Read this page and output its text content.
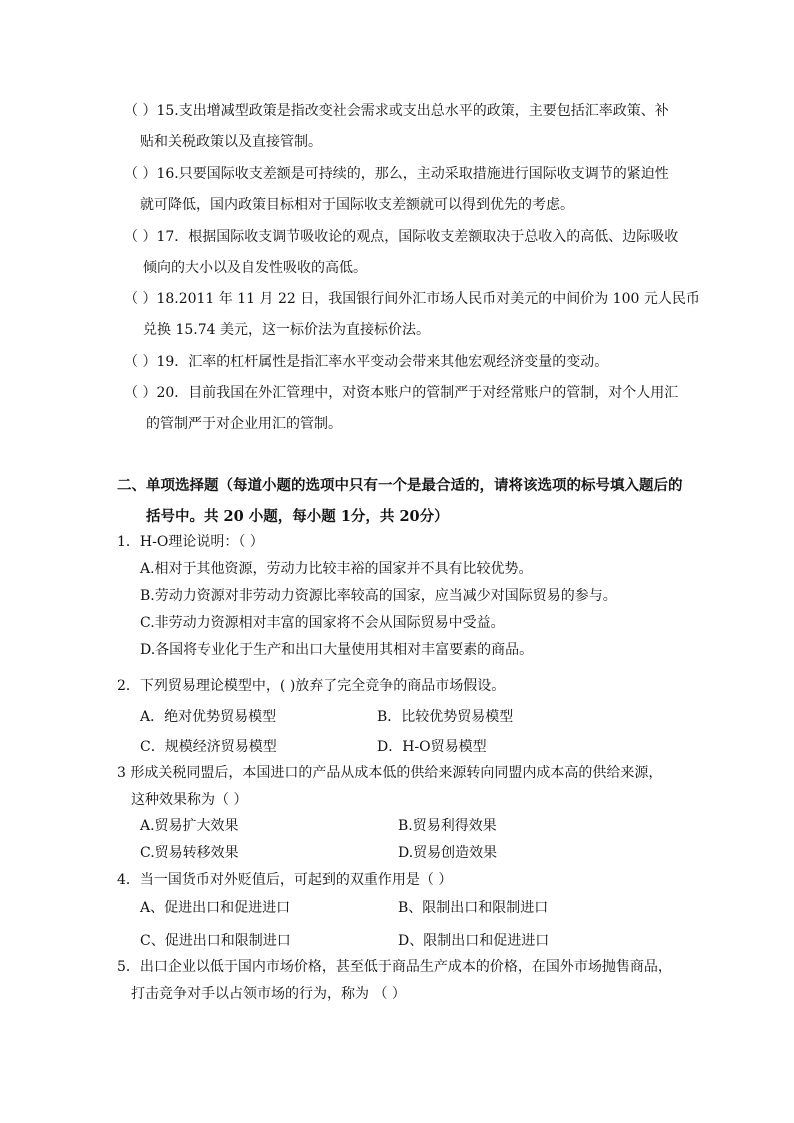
（ ）15.支出增减型政策是指改变社会需求或支出总水平的政策，主要包括汇率政策、补
贴和关税政策以及直接管制。
（ ）16.只要国际收支差额是可持续的，那么，主动采取措施进行国际收支调节的紧迫性
就可降低，国内政策目标相对于国际收支差额就可以得到优先的考虑。
（ ）17．根据国际收支调节吸收论的观点，国际收支差额取决于总收入的高低、边际吸收
倾向的大小以及自发性吸收的高低。
（ ）18.2011 年 11 月 22 日，我国银行间外汇市场人民币对美元的中间价为 100 元人民币
兑换 15.74 美元，这一标价法为直接标价法。
（ ）19．汇率的杠杆属性是指汇率水平变动会带来其他宏观经济变量的变动。
（ ）20．目前我国在外汇管理中，对资本账户的管制严于对经常账户的管制，对个人用汇
的管制严于对企业用汇的管制。
二、单项选择题（每道小题的选项中只有一个是最合适的，请将该选项的标号填入题后的
括号中。共 20 小题，每小题 1分，共 20分）
1．H-O理论说明：（ ）
A.相对于其他资源，劳动力比较丰裕的国家并不具有比较优势。
B.劳动力资源对非劳动力资源比率较高的国家，应当减少对国际贸易的参与。
C.非劳动力资源相对丰富的国家将不会从国际贸易中受益。
D.各国将专业化于生产和出口大量使用其相对丰富要素的商品。
2．下列贸易理论模型中，( )放弃了完全竞争的商品市场假设。
A．绝对优势贸易模型	B．比较优势贸易模型
C．规模经济贸易模型	D．H-O贸易模型
3 形成关税同盟后，本国进口的产品从成本低的供给来源转向同盟内成本高的供给来源，
这种效果称为（ ）
A.贸易扩大效果	B.贸易利得效果
C.贸易转移效果	D.贸易创造效果
4．当一国货币对外贬值后，可起到的双重作用是（ ）
A、促进出口和促进进口	B、限制出口和限制进口
C、促进出口和限制进口	D、限制出口和促进进口
5．出口企业以低于国内市场价格，甚至低于商品生产成本的价格，在国外市场抛售商品，
打击竞争对手以占领市场的行为，称为 （ ）
